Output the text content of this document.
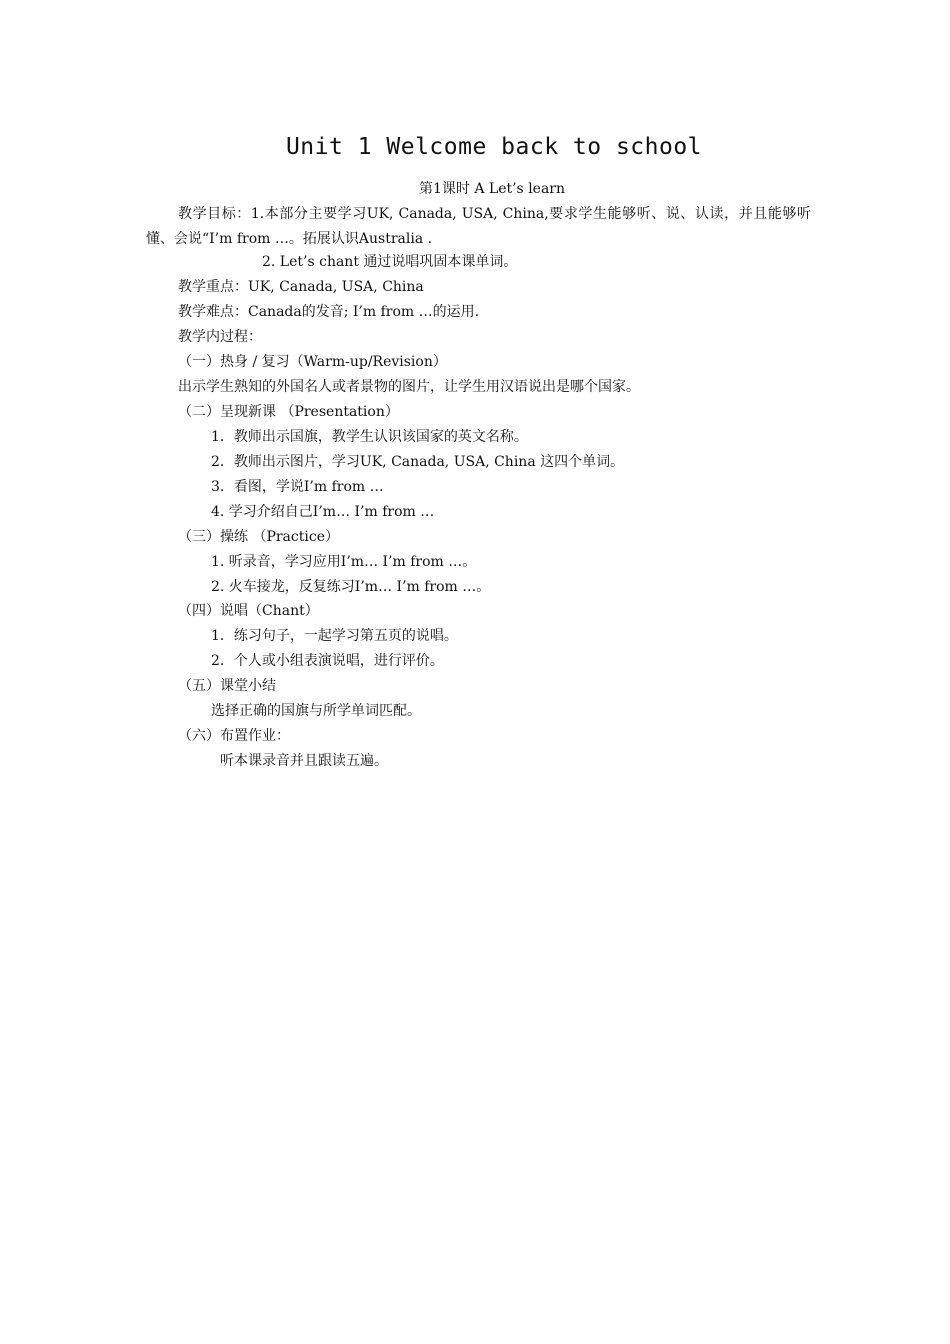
Unit 1 Welcome back to school
第1课时 A Let’s learn
教学目标：1.本部分主要学习UK, Canada, USA, China,要求学生能够听、说、认读，并且能够听懂、会说“I’m from …。拓展认识Australia .
2. Let’s chant 通过说唱巩固本课单词。
教学重点：UK, Canada, USA, China
教学难点：Canada的发音; I’m from …的运用.
教学内过程：
（一）热身 / 复习（Warm-up/Revision）
出示学生熟知的外国名人或者景物的图片，让学生用汉语说出是哪个国家。
（二）呈现新课 （Presentation）
1．教师出示国旗，教学生认识该国家的英文名称。
2．教师出示图片，学习UK, Canada, USA, China 这四个单词。
3．看图，学说I’m from …
4. 学习介绍自己I’m… I’m from …
（三）操练 （Practice）
1. 听录音，学习应用I’m… I’m from …。
2. 火车接龙，反复练习I’m… I’m from …。
（四）说唱（Chant）
1．练习句子，一起学习第五页的说唱。
2．个人或小组表演说唱，进行评价。
（五）课堂小结
选择正确的国旗与所学单词匹配。
（六）布置作业：
听本课录音并且跟读五遍。
